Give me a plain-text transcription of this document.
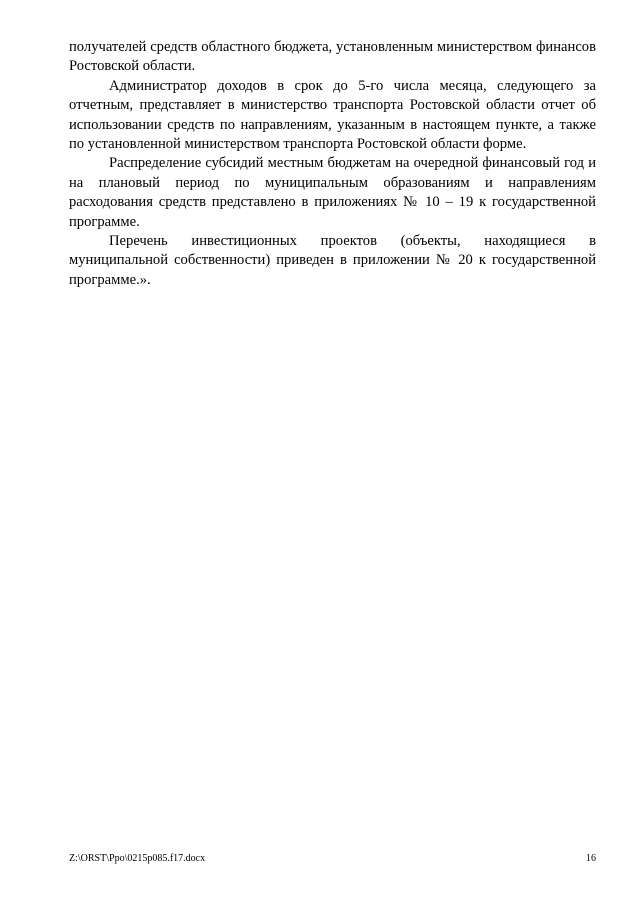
получателей средств областного бюджета, установленным министерством финансов Ростовской области.

Администратор доходов в срок до 5-го числа месяца, следующего за отчетным, представляет в министерство транспорта Ростовской области отчет об использовании средств по направлениям, указанным в настоящем пункте, а также по установленной министерством транспорта Ростовской области форме.

Распределение субсидий местным бюджетам на очередной финансовый год и на плановый период по муниципальным образованиям и направлениям расходования средств представлено в приложениях № 10 – 19 к государственной программе.

Перечень инвестиционных проектов (объекты, находящиеся в муниципальной собственности) приведен в приложении № 20 к государственной программе.».

Z:\ORST\Ppo\0215p085.f17.docx	16
